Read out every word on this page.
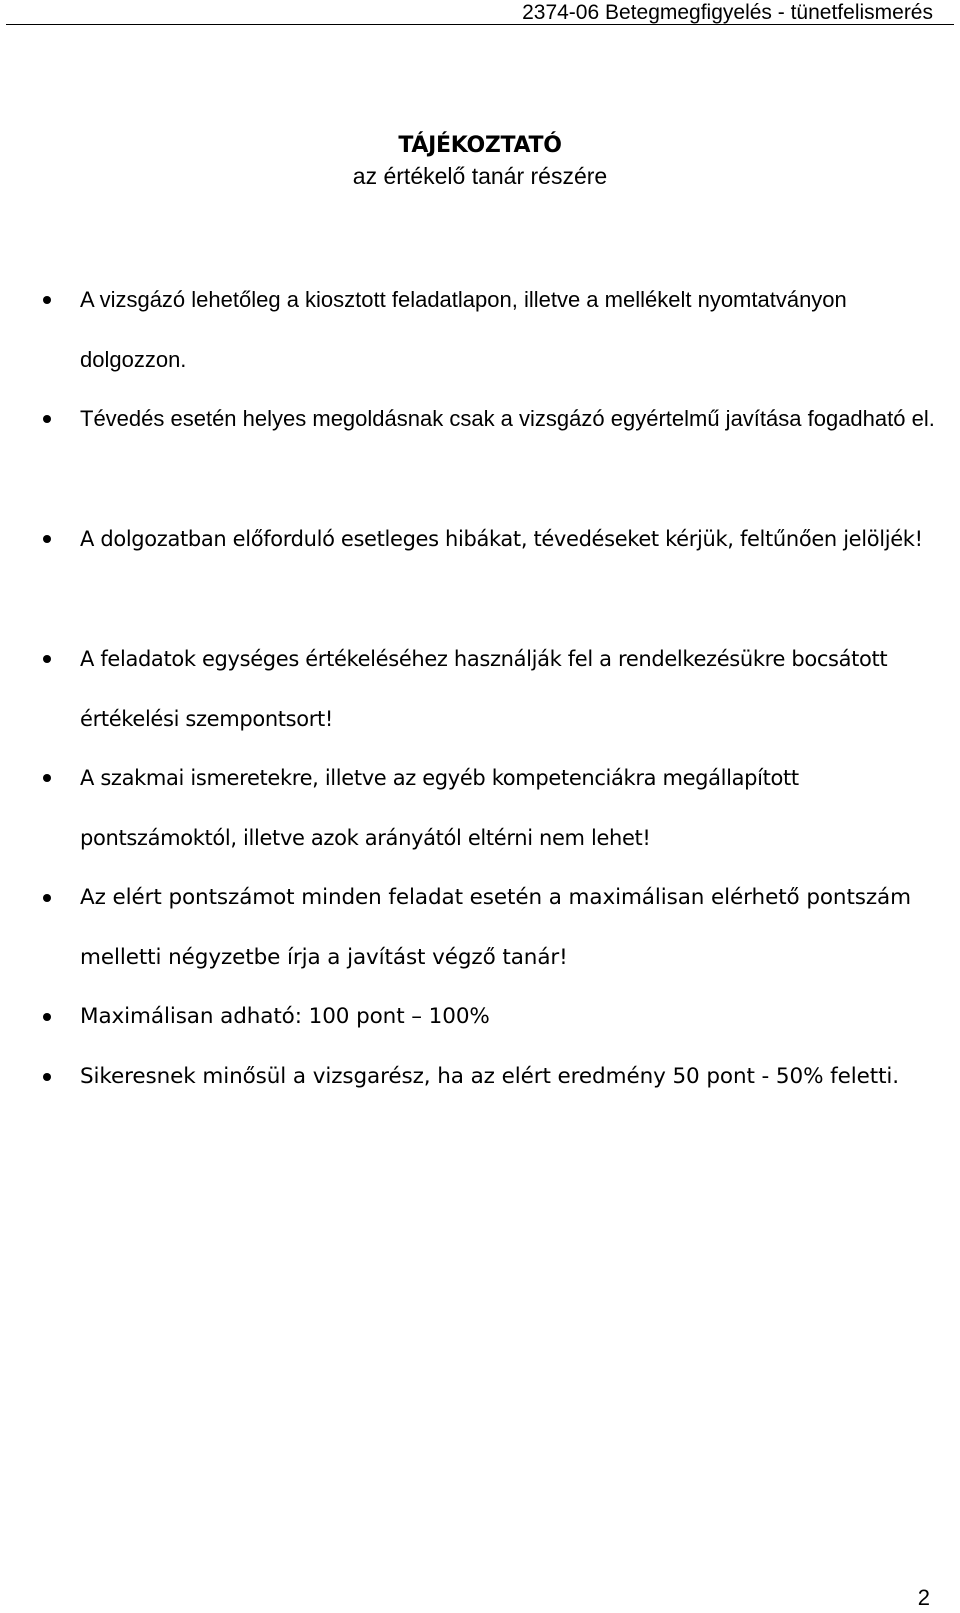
2374-06 Betegmegfigyelés - tünetfelismerés
TÁJÉKOZTATÓ
az értékelő tanár részére
A vizsgázó lehetőleg a kiosztott feladatlapon, illetve a mellékelt nyomtatványon dolgozzon.
Tévedés esetén helyes megoldásnak csak a vizsgázó egyértelmű javítása fogadható el.
A dolgozatban előforduló esetleges hibákat, tévedéseket kérjük, feltűnően jelöljék!
A feladatok egységes értékeléséhez használják fel a rendelkezésükre bocsátott értékelési szempontsort!
A szakmai ismeretekre, illetve az egyéb kompetenciákra megállapított pontszámoktól, illetve azok arányától eltérni nem lehet!
Az elért pontszámot minden feladat esetén a maximálisan elérhető pontszám melletti négyzetbe írja a javítást végző tanár!
Maximálisan adható: 100 pont – 100%
Sikeresnek minősül a vizsgarész, ha az elért eredmény 50 pont - 50% feletti.
2
